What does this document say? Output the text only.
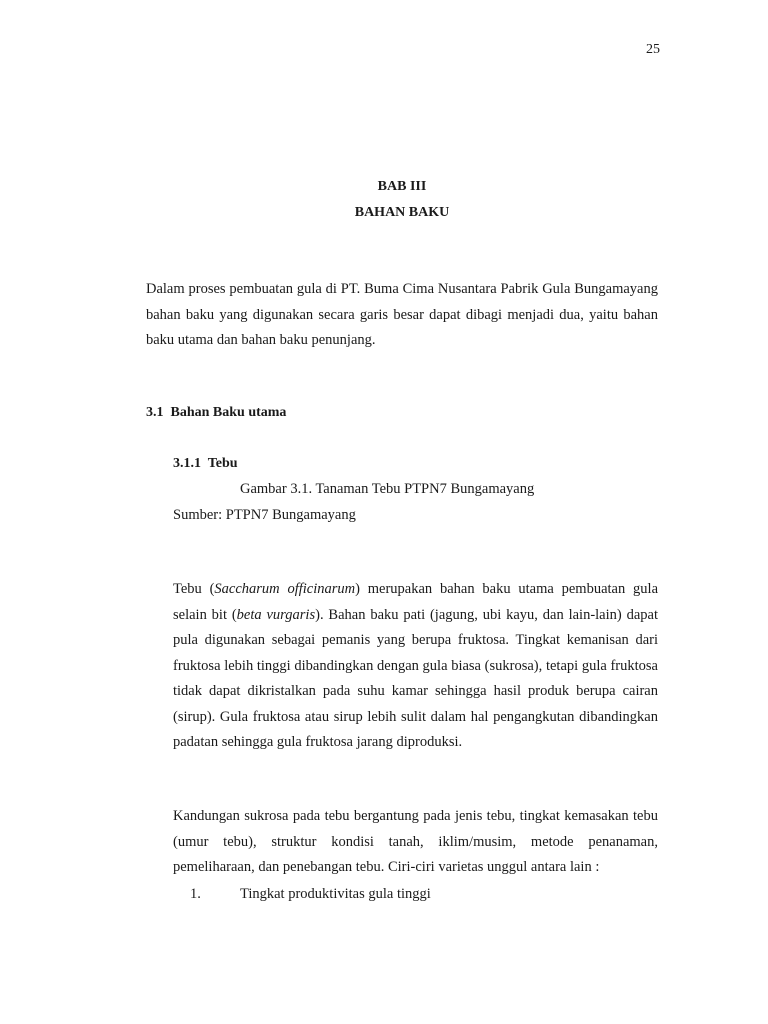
25
BAB III
BAHAN BAKU

Dalam proses pembuatan gula di PT. Buma Cima Nusantara Pabrik Gula Bungamayang bahan baku yang digunakan secara garis besar dapat dibagi menjadi dua, yaitu bahan baku utama dan bahan baku penunjang.

3.1  Bahan Baku utama
3.1.1  Tebu
Gambar 3.1. Tanaman Tebu PTPN7 Bungamayang
Sumber: PTPN7 Bungamayang

Tebu (Saccharum officinarum) merupakan bahan baku utama pembuatan gula selain bit (beta vurgaris). Bahan baku pati (jagung, ubi kayu, dan lain-lain) dapat pula digunakan sebagai pemanis yang berupa fruktosa. Tingkat kemanisan dari fruktosa lebih tinggi dibandingkan dengan gula biasa (sukrosa), tetapi gula fruktosa tidak dapat dikristalkan pada suhu kamar sehingga hasil produk berupa cairan (sirup). Gula fruktosa atau sirup lebih sulit dalam hal pengangkutan dibandingkan padatan sehingga gula fruktosa jarang diproduksi.

Kandungan sukrosa pada tebu bergantung pada jenis tebu, tingkat kemasakan tebu (umur tebu), struktur kondisi tanah, iklim/musim, metode penanaman, pemeliharaan, dan penebangan tebu. Ciri-ciri varietas unggul antara lain :

1.	Tingkat produktivitas gula tinggi
